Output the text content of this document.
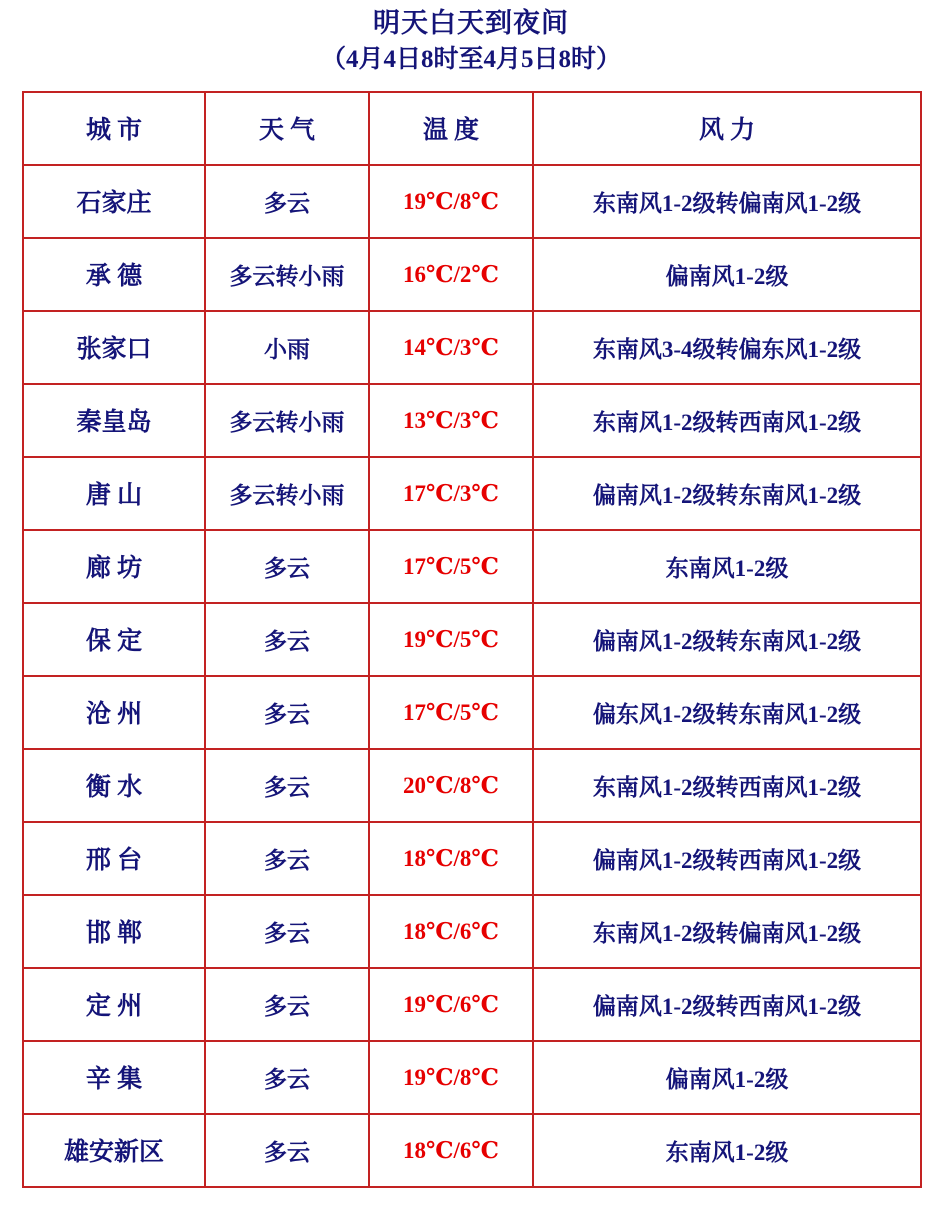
明天白天到夜间
（4月4日8时至4月5日8时）
城市	天气	温度	风力
石家庄	多云	19℃/8℃	东南风1-2级转偏南风1-2级
承 德	多云转小雨	16℃/2℃	偏南风1-2级
张家口	小雨	14℃/3℃	东南风3-4级转偏东风1-2级
秦皇岛	多云转小雨	13℃/3℃	东南风1-2级转西南风1-2级
唐 山	多云转小雨	17℃/3℃	偏南风1-2级转东南风1-2级
廊 坊	多云	17℃/5℃	东南风1-2级
保 定	多云	19℃/5℃	偏南风1-2级转东南风1-2级
沧 州	多云	17℃/5℃	偏东风1-2级转东南风1-2级
衡 水	多云	20℃/8℃	东南风1-2级转西南风1-2级
邢 台	多云	18℃/8℃	偏南风1-2级转西南风1-2级
邯 郸	多云	18℃/6℃	东南风1-2级转偏南风1-2级
定 州	多云	19℃/6℃	偏南风1-2级转西南风1-2级
辛 集	多云	19℃/8℃	偏南风1-2级
雄安新区	多云	18℃/6℃	东南风1-2级
